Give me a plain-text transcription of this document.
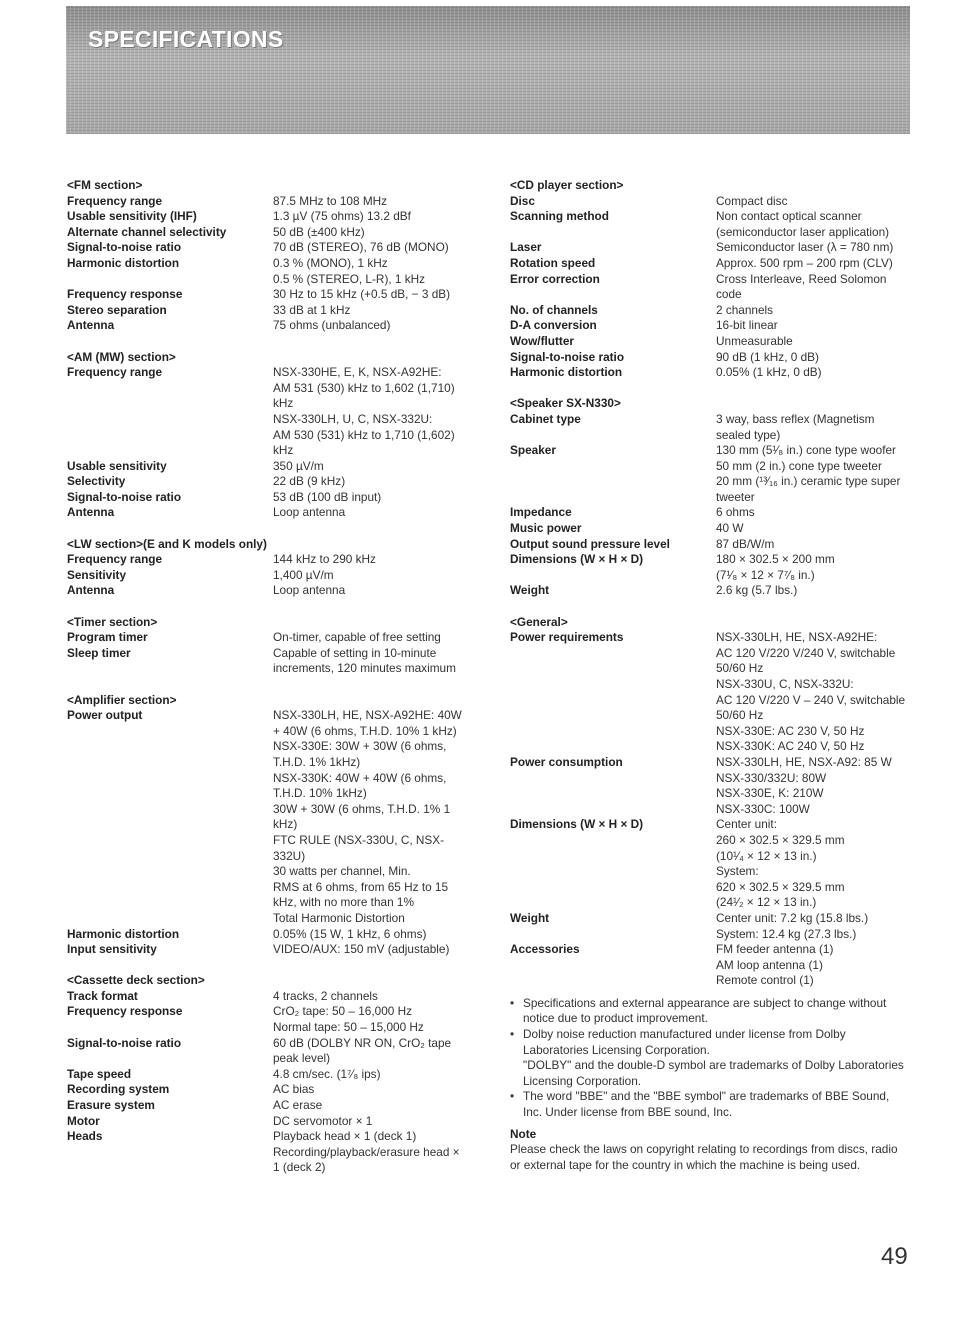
SPECIFICATIONS
<FM section>
Frequency range	87.5 MHz to 108 MHz
Usable sensitivity (IHF)	1.3 µV (75 ohms) 13.2 dBf
Alternate channel selectivity	50 dB (±400 kHz)
Signal-to-noise ratio	70 dB (STEREO), 76 dB (MONO)
Harmonic distortion	0.3 % (MONO), 1 kHz
0.5 % (STEREO, L-R), 1 kHz
Frequency response	30 Hz to 15 kHz (+0.5 dB, − 3 dB)
Stereo separation	33 dB at 1 kHz
Antenna	75 ohms (unbalanced)
<AM (MW) section>
Frequency range	NSX-330HE, E, K, NSX-A92HE:
AM 531 (530) kHz to 1,602 (1,710) kHz
NSX-330LH, U, C, NSX-332U:
AM 530 (531) kHz to 1,710 (1,602) kHz
Usable sensitivity	350 µV/m
Selectivity	22 dB (9 kHz)
Signal-to-noise ratio	53 dB (100 dB input)
Antenna	Loop antenna
<LW section>(E and K models only)
Frequency range	144 kHz to 290 kHz
Sensitivity	1,400 µV/m
Antenna	Loop antenna
<Timer section>
Program timer	On-timer, capable of free setting
Sleep timer	Capable of setting in 10-minute increments, 120 minutes maximum
<Amplifier section>
Power output	NSX-330LH, HE, NSX-A92HE: 40W + 40W (6 ohms, T.H.D. 10% 1 kHz)
NSX-330E: 30W + 30W (6 ohms, T.H.D. 1% 1kHz)
NSX-330K: 40W + 40W (6 ohms, T.H.D. 10% 1kHz)
30W + 30W (6 ohms, T.H.D. 1% 1 kHz)
FTC RULE (NSX-330U, C, NSX-332U)
30 watts per channel, Min.
RMS at 6 ohms, from 65 Hz to 15 kHz, with no more than 1%
Total Harmonic Distortion
Harmonic distortion	0.05% (15 W, 1 kHz, 6 ohms)
Input sensitivity	VIDEO/AUX: 150 mV (adjustable)
<Cassette deck section>
Track format	4 tracks, 2 channels
Frequency response	CrO₂ tape: 50 – 16,000 Hz
Normal tape: 50 – 15,000 Hz
Signal-to-noise ratio	60 dB (DOLBY NR ON, CrO₂ tape peak level)
Tape speed	4.8 cm/sec. (1⁷⁄₈ ips)
Recording system	AC bias
Erasure system	AC erase
Motor	DC servomotor × 1
Heads	Playback head × 1 (deck 1)
Recording/playback/erasure head × 1 (deck 2)
<CD player section>
Disc	Compact disc
Scanning method	Non contact optical scanner (semiconductor laser application)
Laser	Semiconductor laser (λ = 780 nm)
Rotation speed	Approx. 500 rpm – 200 rpm (CLV)
Error correction	Cross Interleave, Reed Solomon code
No. of channels	2 channels
D-A conversion	16-bit linear
Wow/flutter	Unmeasurable
Signal-to-noise ratio	90 dB (1 kHz, 0 dB)
Harmonic distortion	0.05% (1 kHz, 0 dB)
<Speaker SX-N330>
Cabinet type	3 way, bass reflex (Magnetism sealed type)
Speaker	130 mm (5¹⁄₈ in.) cone type woofer
50 mm (2 in.) cone type tweeter
20 mm (¹³⁄₁₆ in.) ceramic type super tweeter
Impedance	6 ohms
Music power	40 W
Output sound pressure level	87 dB/W/m
Dimensions (W × H × D)	180 × 302.5 × 200 mm
(7¹⁄₈ × 12 × 7⁷⁄₈ in.)
Weight	2.6 kg (5.7 lbs.)
<General>
Power requirements	NSX-330LH, HE, NSX-A92HE:
AC 120 V/220 V/240 V, switchable 50/60 Hz
NSX-330U, C, NSX-332U:
AC 120 V/220 V – 240 V, switchable 50/60 Hz
NSX-330E: AC 230 V, 50 Hz
NSX-330K: AC 240 V, 50 Hz
Power consumption	NSX-330LH, HE, NSX-A92: 85 W
NSX-330/332U: 80W
NSX-330E, K: 210W
NSX-330C: 100W
Dimensions (W × H × D)	Center unit:
260 × 302.5 × 329.5 mm
(10¹⁄₄ × 12 × 13 in.)
System:
620 × 302.5 × 329.5 mm
(24¹⁄₂ × 12 × 13 in.)
Weight	Center unit: 7.2 kg (15.8 lbs.)
System: 12.4 kg (27.3 lbs.)
Accessories	FM feeder antenna (1)
AM loop antenna (1)
Remote control (1)
• Specifications and external appearance are subject to change without notice due to product improvement.
• Dolby noise reduction manufactured under license from Dolby Laboratories Licensing Corporation.
"DOLBY" and the double-D symbol are trademarks of Dolby Laboratories Licensing Corporation.
• The word "BBE" and the "BBE symbol" are trademarks of BBE Sound, Inc. Under license from BBE sound, Inc.
Note
Please check the laws on copyright relating to recordings from discs, radio or external tape for the country in which the machine is being used.
49
